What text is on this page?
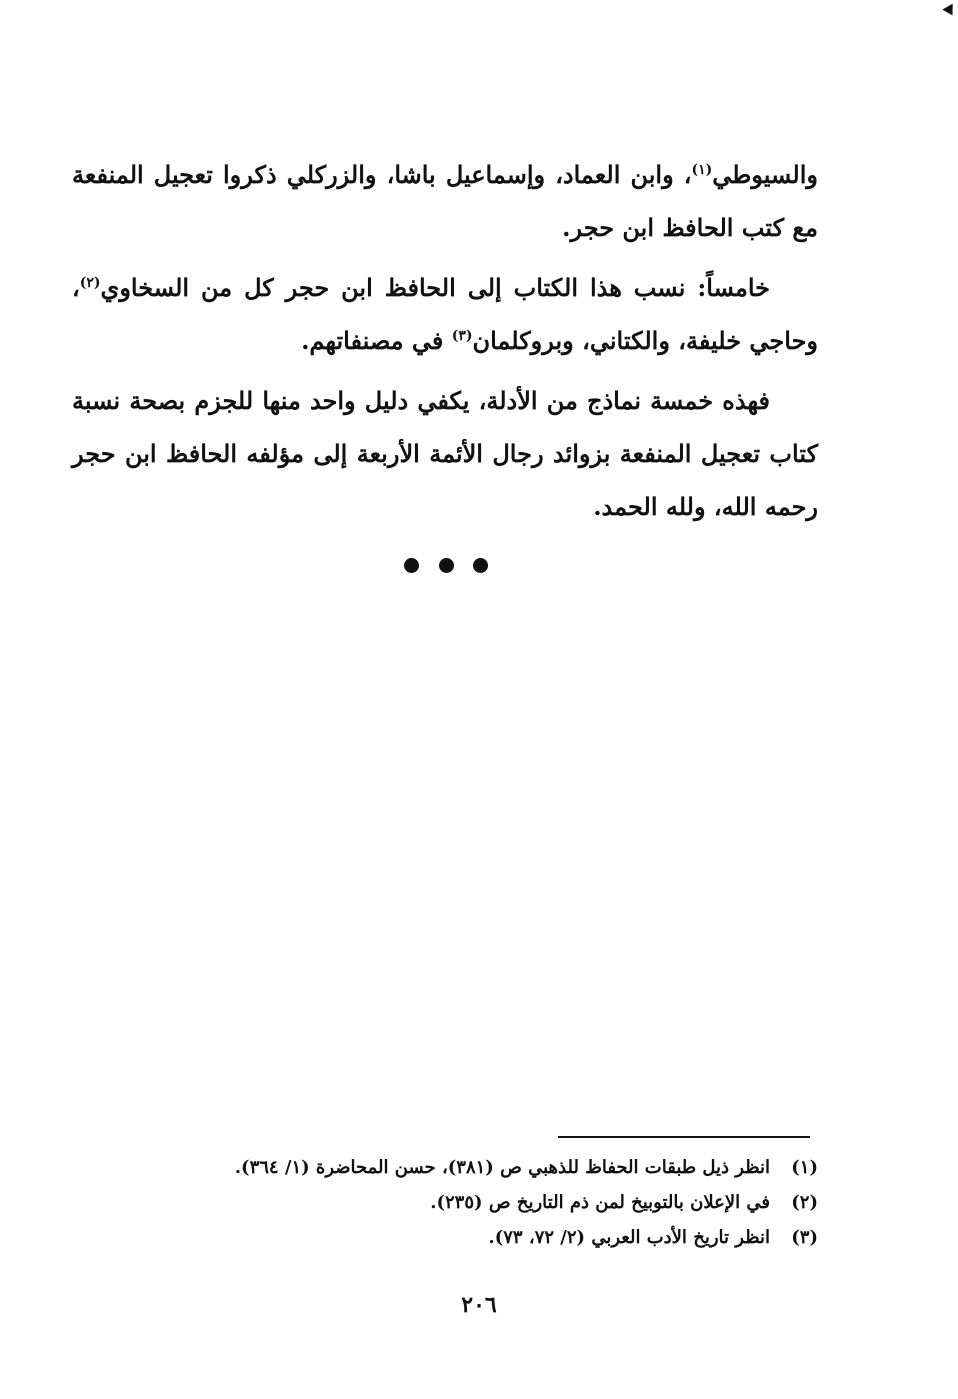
والسيوطي$^{(١)}$، وابن العماد، وإسماعيل باشا، والزركلي ذكروا تعجيل المنفعة مع كتب الحافظ ابن حجر.

خامساً: نسب هذا الكتاب إلى الحافظ ابن حجر كل من السخاوي$^{(٢)}$، وحاجي خليفة، والكتاني، وبروكلمان$^{(٣)}$ في مصنفاتهم.

فهذه خمسة نماذج من الأدلة، يكفي دليل واحد منها للجزم بصحة نسبة كتاب تعجيل المنفعة بزوائد رجال الأئمة الأربعة إلى مؤلفه الحافظ ابن حجر رحمه الله، ولله الحمد.

(١)انظر ذيل طبقات الحفاظ للذهبي ص (٣٨١)، حسن المحاضرة (١/ ٣٦٤).
(٢)في الإعلان بالتوبيخ لمن ذم التاريخ ص (٢٣٥).
(٣)انظر تاريخ الأدب العربي (٢/ ٧٢، ٧٣).
٢٠٦
